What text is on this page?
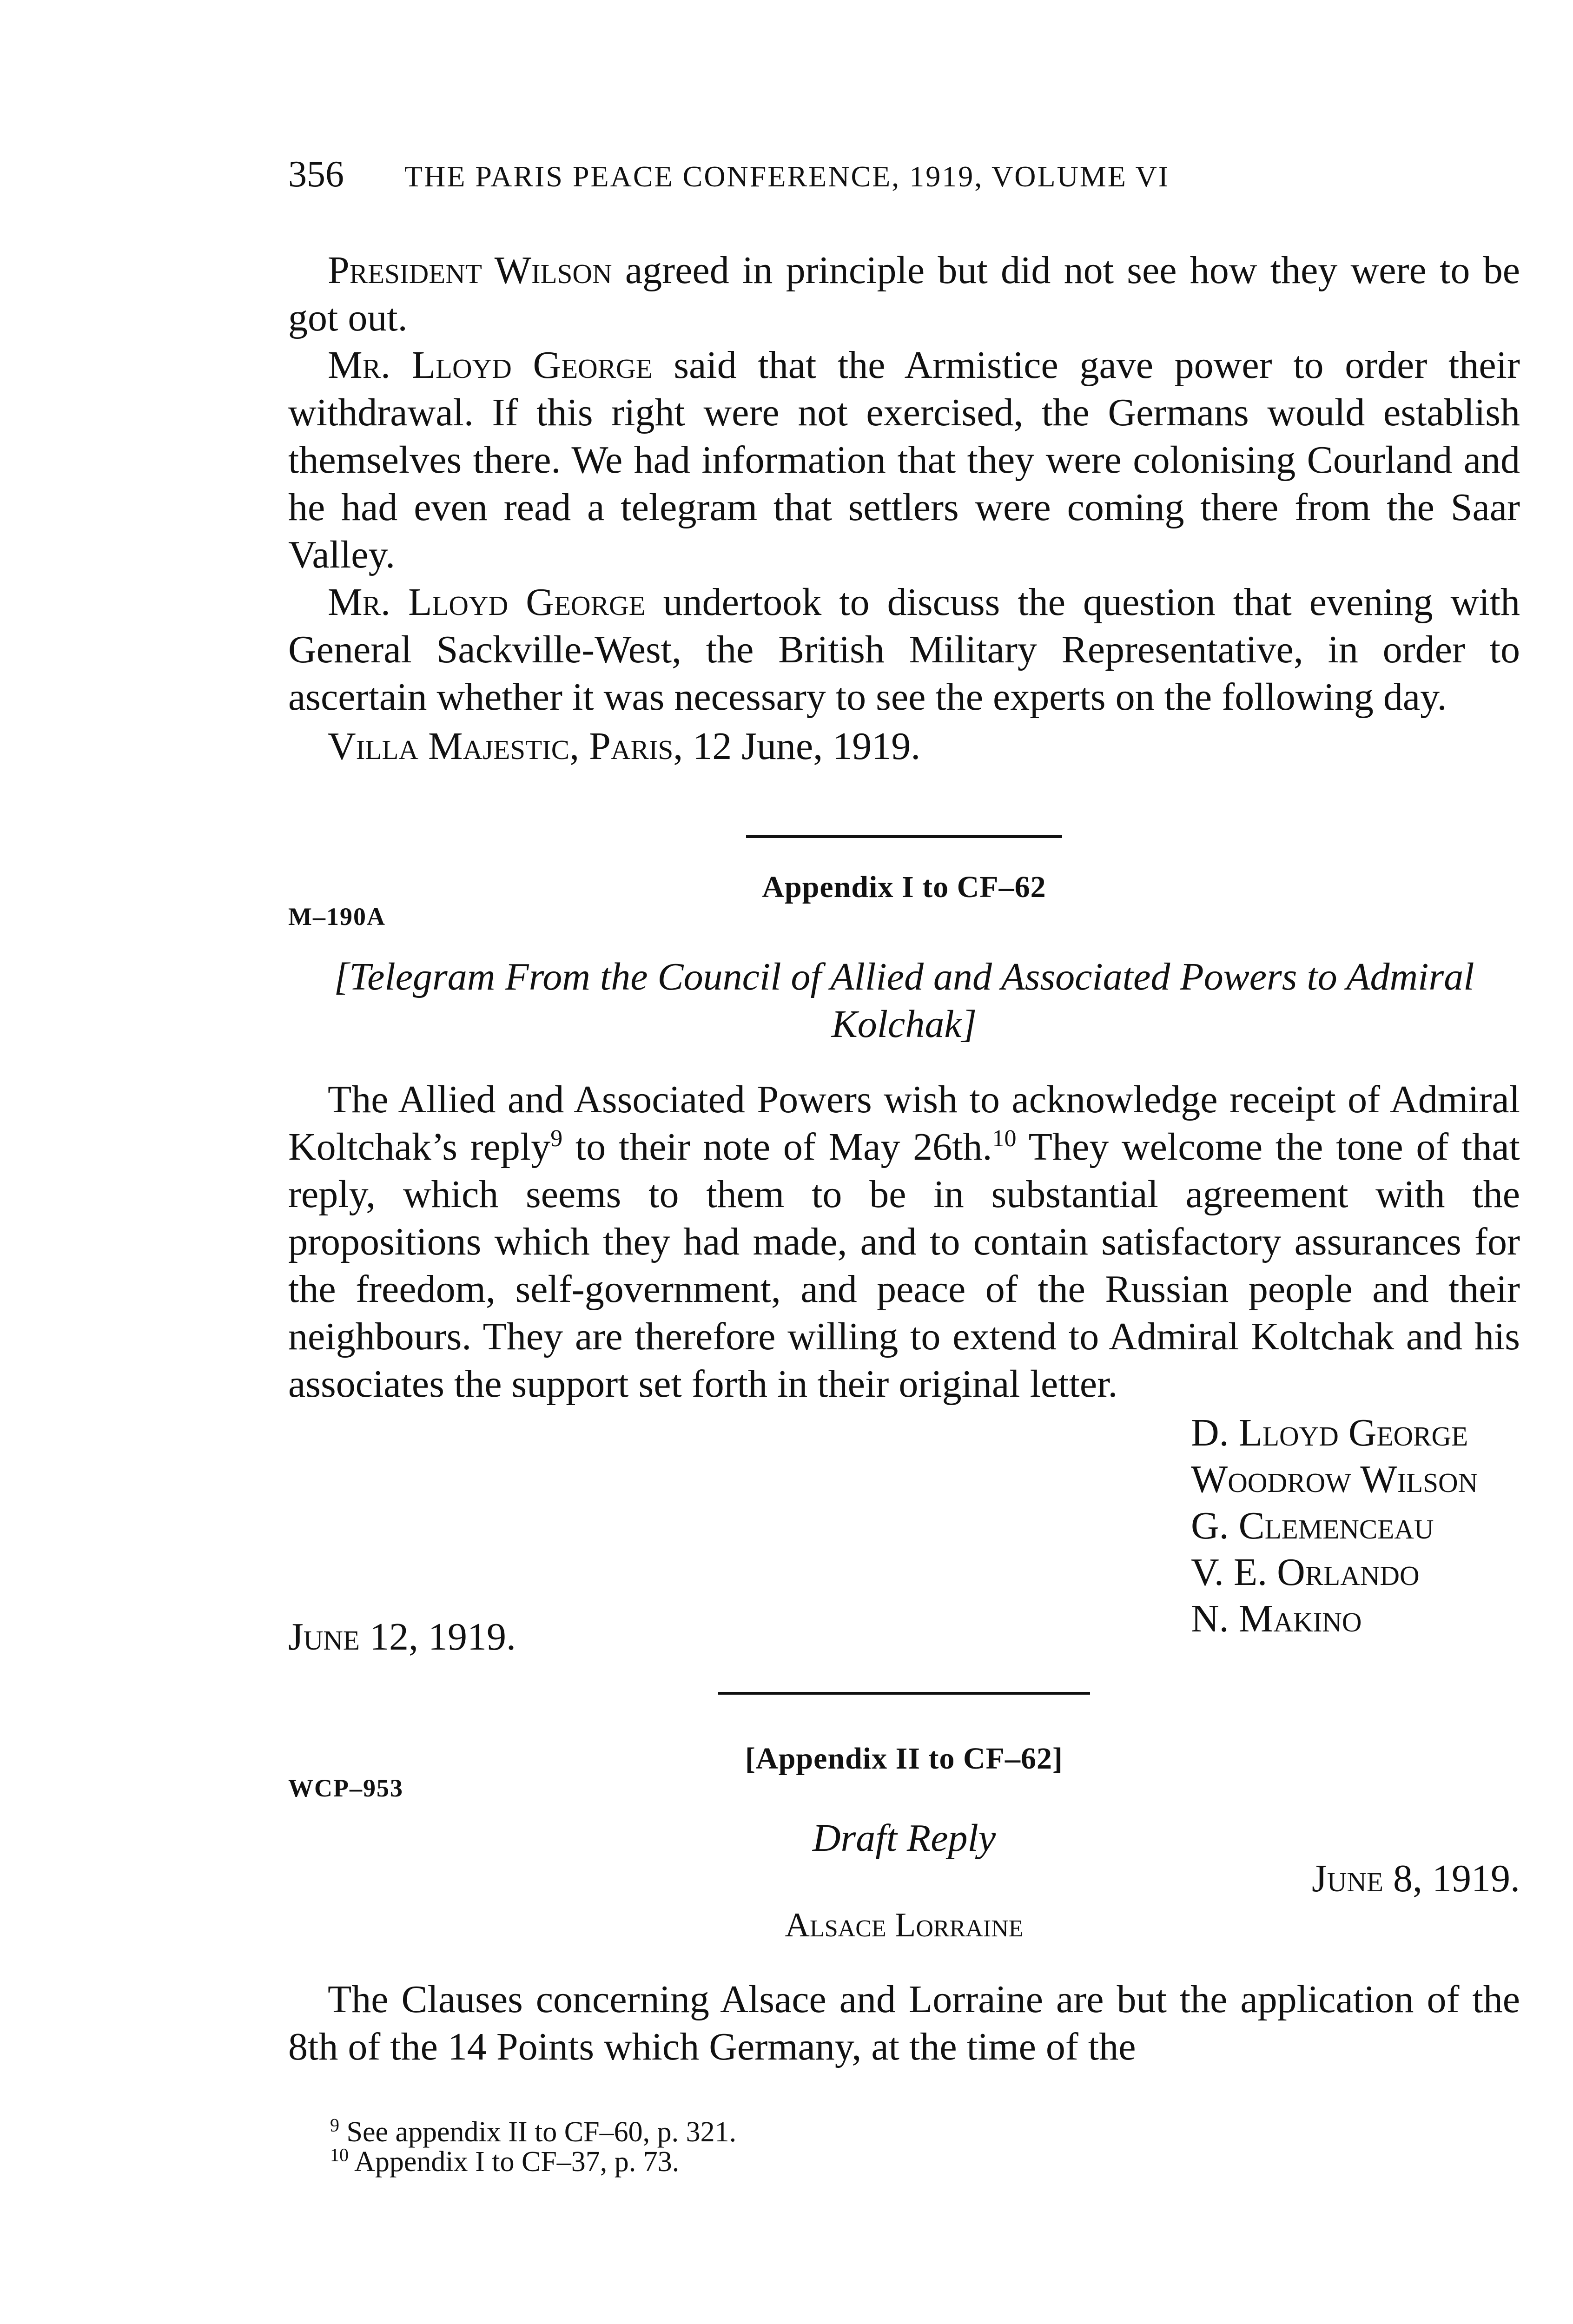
356 THE PARIS PEACE CONFERENCE, 1919, VOLUME VI

President Wilson agreed in principle but did not see how they were to be got out.

Mr. Lloyd George said that the Armistice gave power to order their withdrawal. If this right were not exercised, the Germans would establish themselves there. We had information that they were colonising Courland and he had even read a telegram that settlers were coming there from the Saar Valley.

Mr. Lloyd George undertook to discuss the question that evening with General Sackville-West, the British Military Representative, in order to ascertain whether it was necessary to see the experts on the following day.

Villa Majestic, Paris, 12 June, 1919.
Appendix I to CF–62
M–190A
[Telegram From the Council of Allied and Associated Powers to Admiral Kolchak]

The Allied and Associated Powers wish to acknowledge receipt of Admiral Koltchak’s reply$^9$ to their note of May 26th.$^{10}$ They welcome the tone of that reply, which seems to them to be in substantial agreement with the propositions which they had made, and to contain satisfactory assurances for the freedom, self-government, and peace of the Russian people and their neighbours. They are therefore willing to extend to Admiral Koltchak and his associates the support set forth in their original letter.

D. Lloyd George
Woodrow Wilson
G. Clemenceau
V. E. Orlando
N. Makino
June 12, 1919.
[Appendix II to CF–62]
WCP–953
Draft Reply
June 8, 1919.
Alsace Lorraine

The Clauses concerning Alsace and Lorraine are but the application of the 8th of the 14 Points which Germany, at the time of the

$^9$ See appendix II to CF–60, p. 321.
$^{10}$ Appendix I to CF–37, p. 73.
